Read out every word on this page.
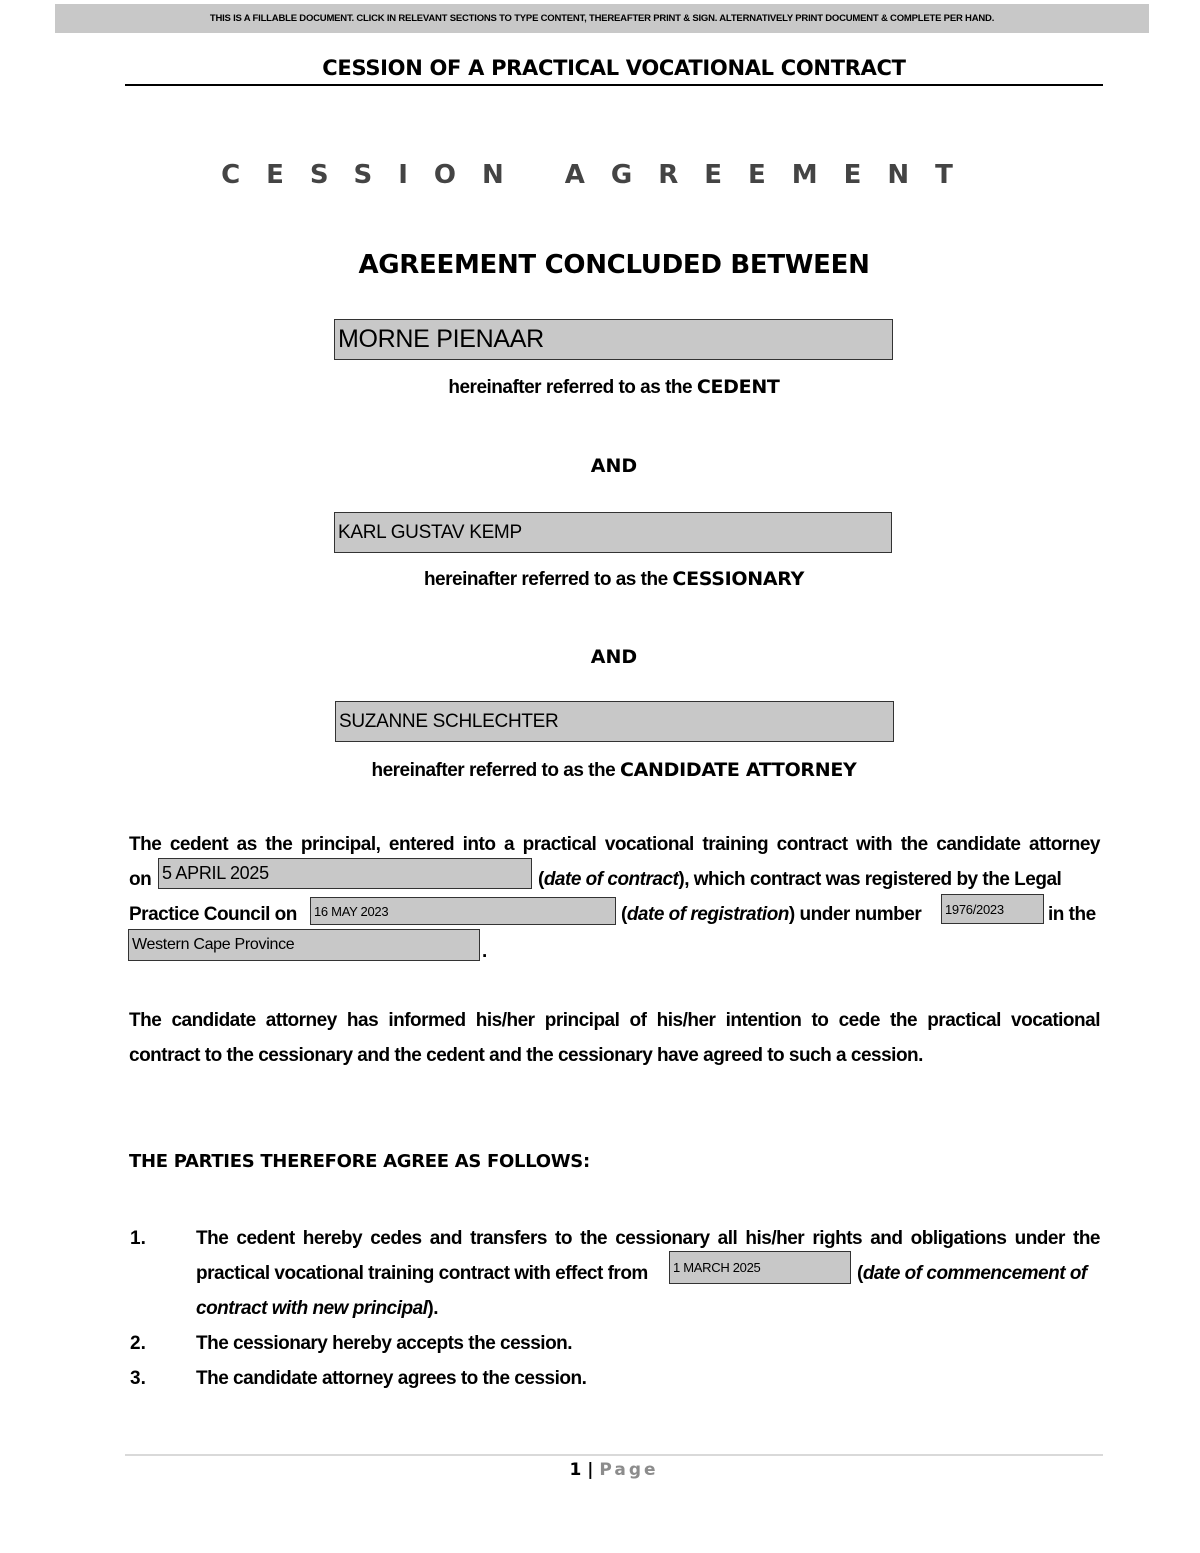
THIS IS A FILLABLE DOCUMENT. CLICK IN RELEVANT SECTIONS TO TYPE CONTENT, THEREAFTER PRINT & SIGN. ALTERNATIVELY PRINT DOCUMENT & COMPLETE PER HAND.
CESSION OF A PRACTICAL VOCATIONAL CONTRACT
CESSION AGREEMENT
AGREEMENT CONCLUDED BETWEEN
MORNE PIENAAR
hereinafter referred to as the CEDENT
AND
KARL GUSTAV KEMP
hereinafter referred to as the CESSIONARY
AND
SUZANNE SCHLECHTER
hereinafter referred to as the CANDIDATE ATTORNEY
The cedent as the principal, entered into a practical vocational training contract with the candidate attorney
on 5 APRIL 2025	(date of contract), which contract was registered by the Legal
Practice Council on	16 MAY 2023	(date of registration) under number	1976/2023	in the
Western Cape Province	.
The candidate attorney has informed his/her principal of his/her intention to cede the practical vocational
contract to the cessionary and the cedent and the cessionary have agreed to such a cession.
THE PARTIES THEREFORE AGREE AS FOLLOWS:
1.	The cedent hereby cedes and transfers to the cessionary all his/her rights and obligations under the
practical vocational training contract with effect from	1 MARCH 2025	(date of commencement of
contract with new principal).
2.	The cessionary hereby accepts the cession.
3.	The candidate attorney agrees to the cession.
1 | Page
